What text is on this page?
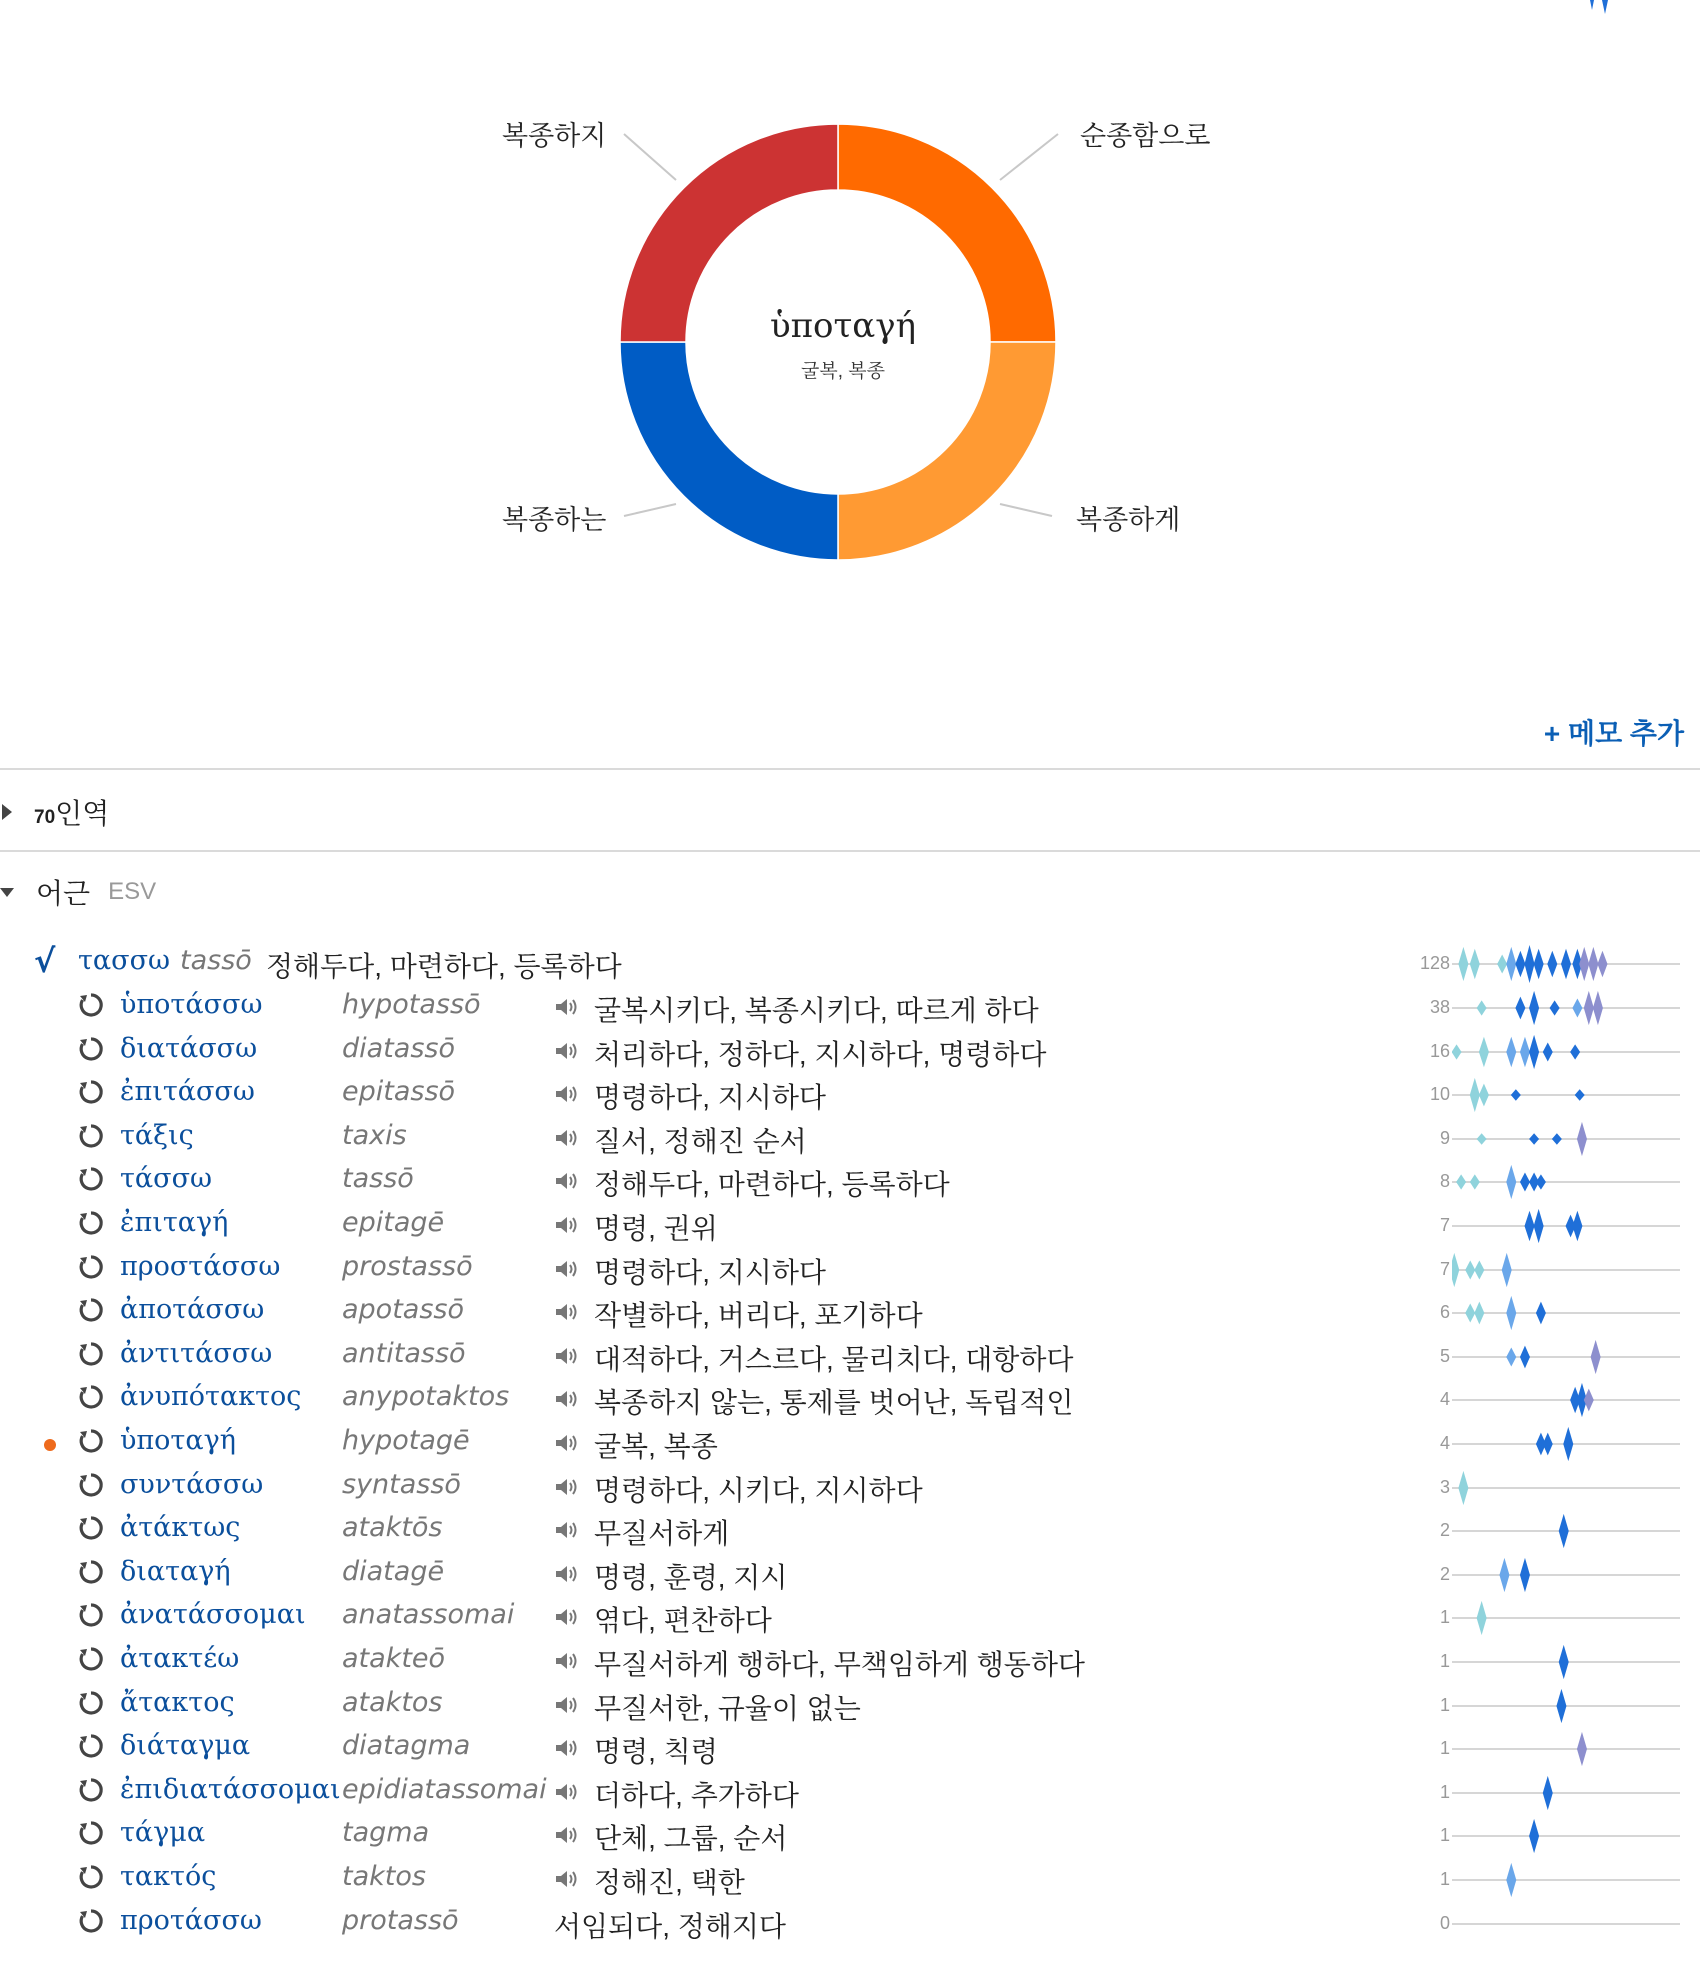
ὑποταγή
굴복, 복종
순종함으로
복종하게
복종하는
복종하지
+ 메모 추가
70인역
어근 ESV
√ τασσω tassō 정해두다, 마련하다, 등록하다	128
ὑποτάσσω	hypotassō	굴복시키다, 복종시키다, 따르게 하다	38
διατάσσω	diatassō	처리하다, 정하다, 지시하다, 명령하다	16
ἐπιτάσσω	epitassō	명령하다, 지시하다	10
τάξις	taxis	질서, 정해진 순서	9
τάσσω	tassō	정해두다, 마련하다, 등록하다	8
ἐπιταγή	epitagē	명령, 권위	7
προστάσσω prostassō	명령하다, 지시하다	7
ἀποτάσσω	apotassō	작별하다, 버리다, 포기하다	6
ἀντιτάσσω	antitassō	대적하다, 거스르다, 물리치다, 대항하다	5
ἀνυπότακτος anypotaktos	복종하지 않는, 통제를 벗어난, 독립적인	4
ὑποταγή	hypotagē	굴복, 복종	4
συντάσσω	syntassō	명령하다, 시키다, 지시하다	3
ἀτάκτως	ataktōs	무질서하게	2
διαταγή	diatagē	명령, 훈령, 지시	2
ἀνατάσσομαι anatassomai	엮다, 편찬하다	1
ἀτακτέω	atakteō	무질서하게 행하다, 무책임하게 행동하다	1
ἄτακτος	ataktos	무질서한, 규율이 없는	1
διάταγμα	diatagma	명령, 칙령	1
ἐπιδιατάσσομαι epidiatassomai 더하다, 추가하다	1
τάγμα	tagma	단체, 그룹, 순서	1
τακτός	taktos	정해진, 택한	1
προτάσσω	protassō	서임되다, 정해지다	0
